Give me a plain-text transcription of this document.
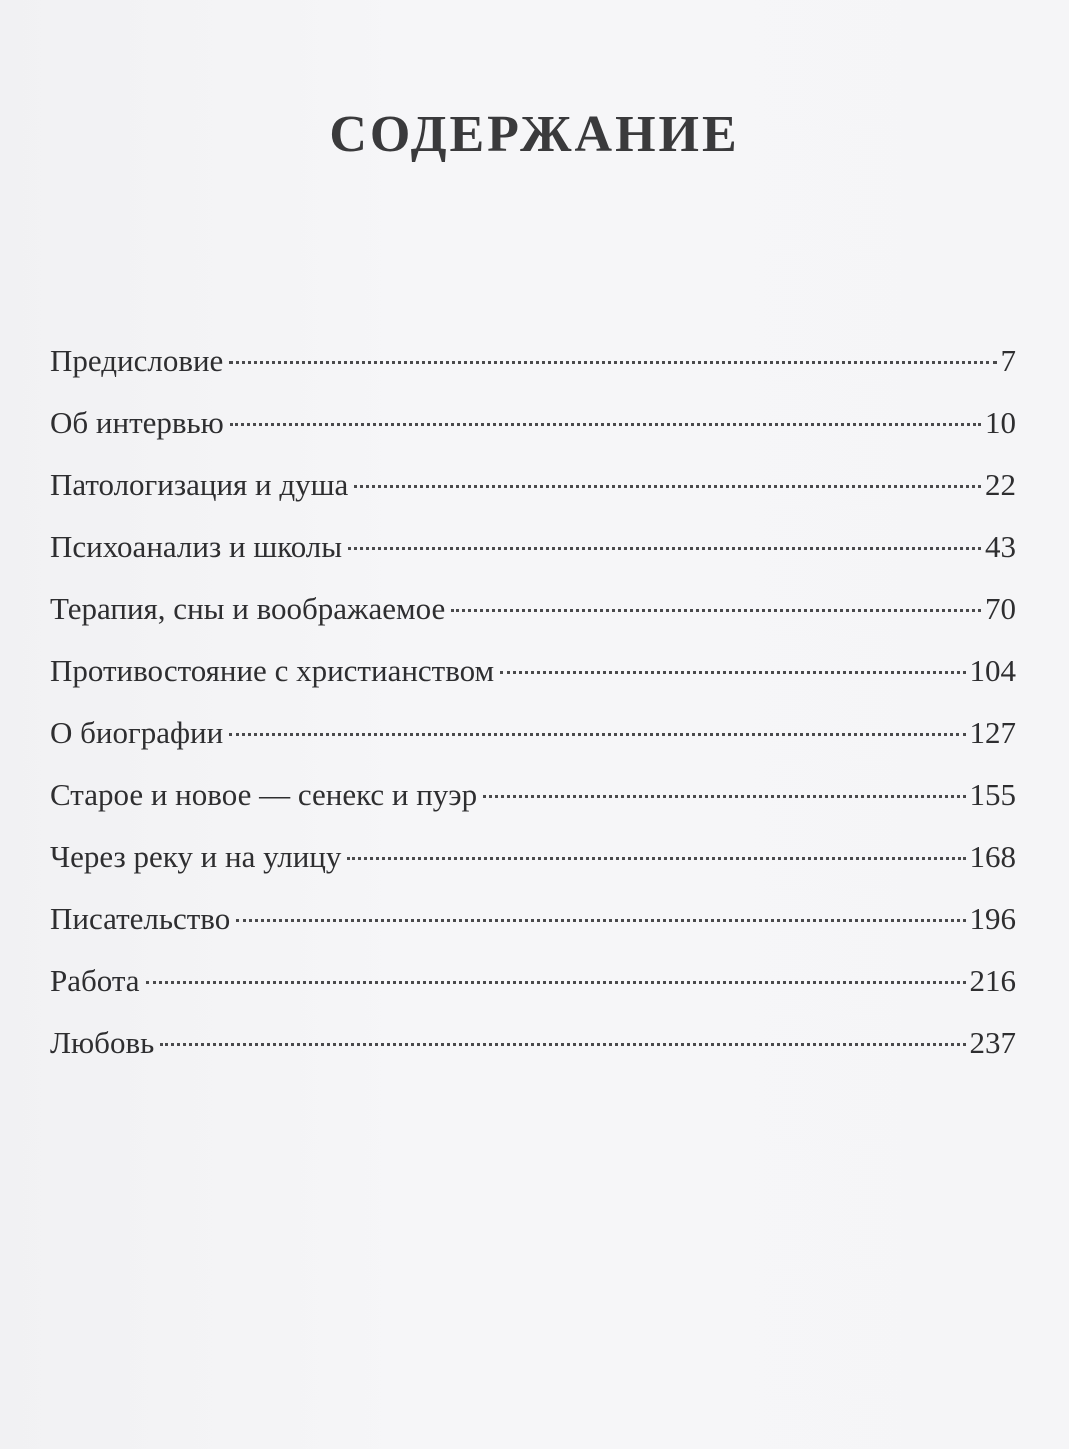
СОДЕРЖАНИЕ
Предисловие	7
Об интервью	10
Патологизация и душа	22
Психоанализ и школы	43
Терапия, сны и воображаемое	70
Противостояние с христианством	104
О биографии	127
Старое и новое — сенекс и пуэр	155
Через реку и на улицу	168
Писательство	196
Работа	216
Любовь	237
